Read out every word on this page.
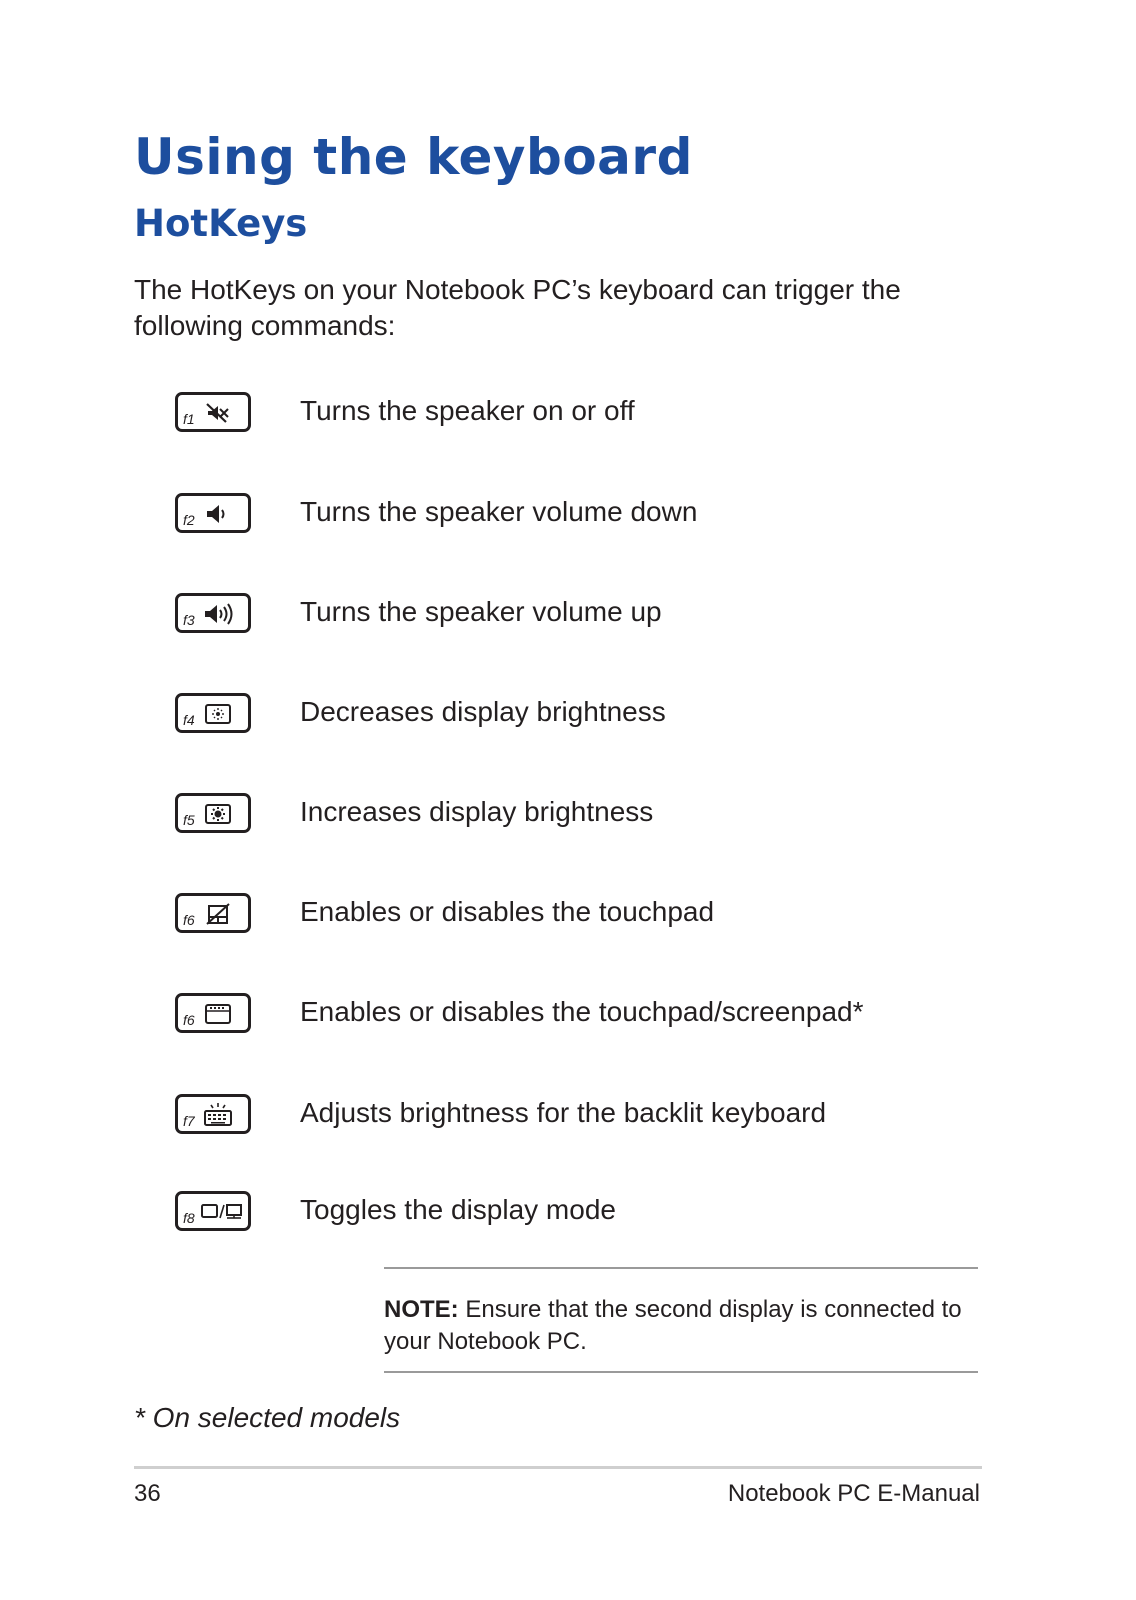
Using the keyboard
HotKeys

The HotKeys on your Notebook PC’s keyboard can trigger the following commands:

f1	Turns the speaker on or off
f2	Turns the speaker volume down
f3	Turns the speaker volume up
f4	Decreases display brightness
f5	Increases display brightness
f6	Enables or disables the touchpad
f6	Enables or disables the touchpad/screenpad*
f7	Adjusts brightness for the backlit keyboard
f8	Toggles the display mode

NOTE: Ensure that the second display is connected to your Notebook PC.

* On selected models

36	Notebook PC E-Manual
